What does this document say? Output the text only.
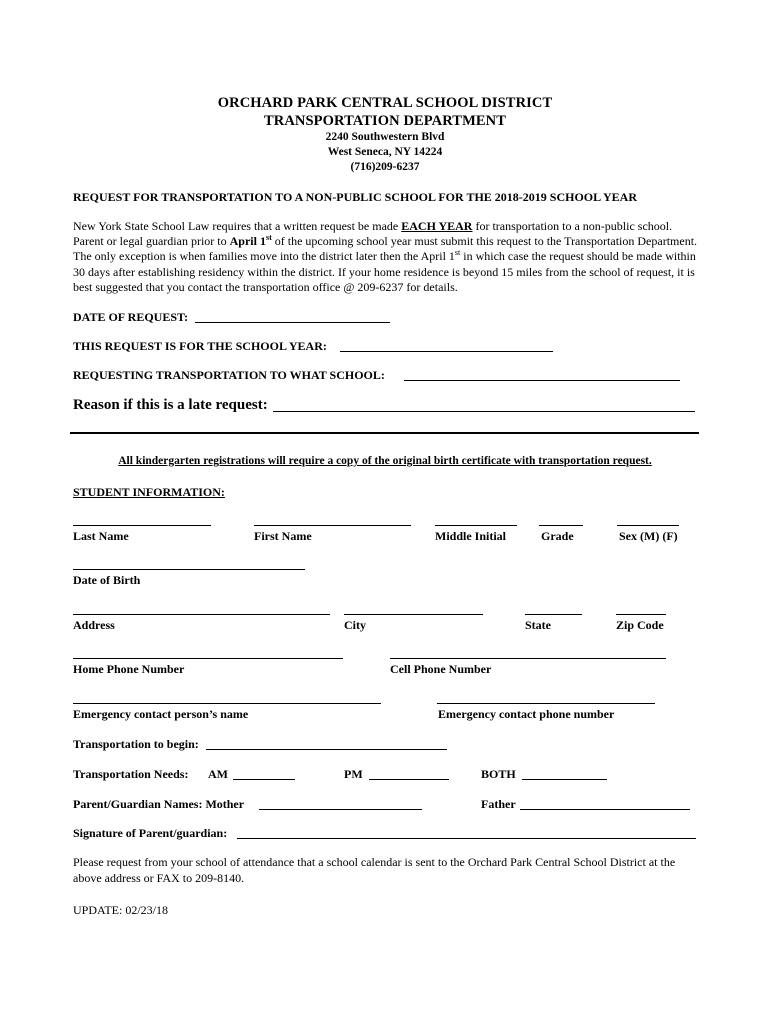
ORCHARD PARK CENTRAL SCHOOL DISTRICT
TRANSPORTATION DEPARTMENT
2240 Southwestern Blvd
West Seneca, NY 14224
(716)209-6237
REQUEST FOR TRANSPORTATION TO A NON-PUBLIC SCHOOL FOR THE 2018-2019 SCHOOL YEAR
New York State School Law requires that a written request be made EACH YEAR for transportation to a non-public school. Parent or legal guardian prior to April 1st of the upcoming school year must submit this request to the Transportation Department. The only exception is when families move into the district later then the April 1st in which case the request should be made within 30 days after establishing residency within the district. If your home residence is beyond 15 miles from the school of request, it is best suggested that you contact the transportation office @ 209-6237 for details.
DATE OF REQUEST:
THIS REQUEST IS FOR THE SCHOOL YEAR:
REQUESTING TRANSPORTATION TO WHAT SCHOOL:
Reason if this is a late request:
All kindergarten registrations will require a copy of the original birth certificate with transportation request.
STUDENT INFORMATION:
Last Name	First Name	Middle Initial	Grade	Sex (M) (F)
Date of Birth
Address	City	State	Zip Code
Home Phone Number	Cell Phone Number
Emergency contact person’s name	Emergency contact phone number
Transportation to begin:
Transportation Needs: AM	PM	BOTH
Parent/Guardian Names: Mother	Father
Signature of Parent/guardian:
Please request from your school of attendance that a school calendar is sent to the Orchard Park Central School District at the above address or FAX to 209-8140.
UPDATE: 02/23/18
